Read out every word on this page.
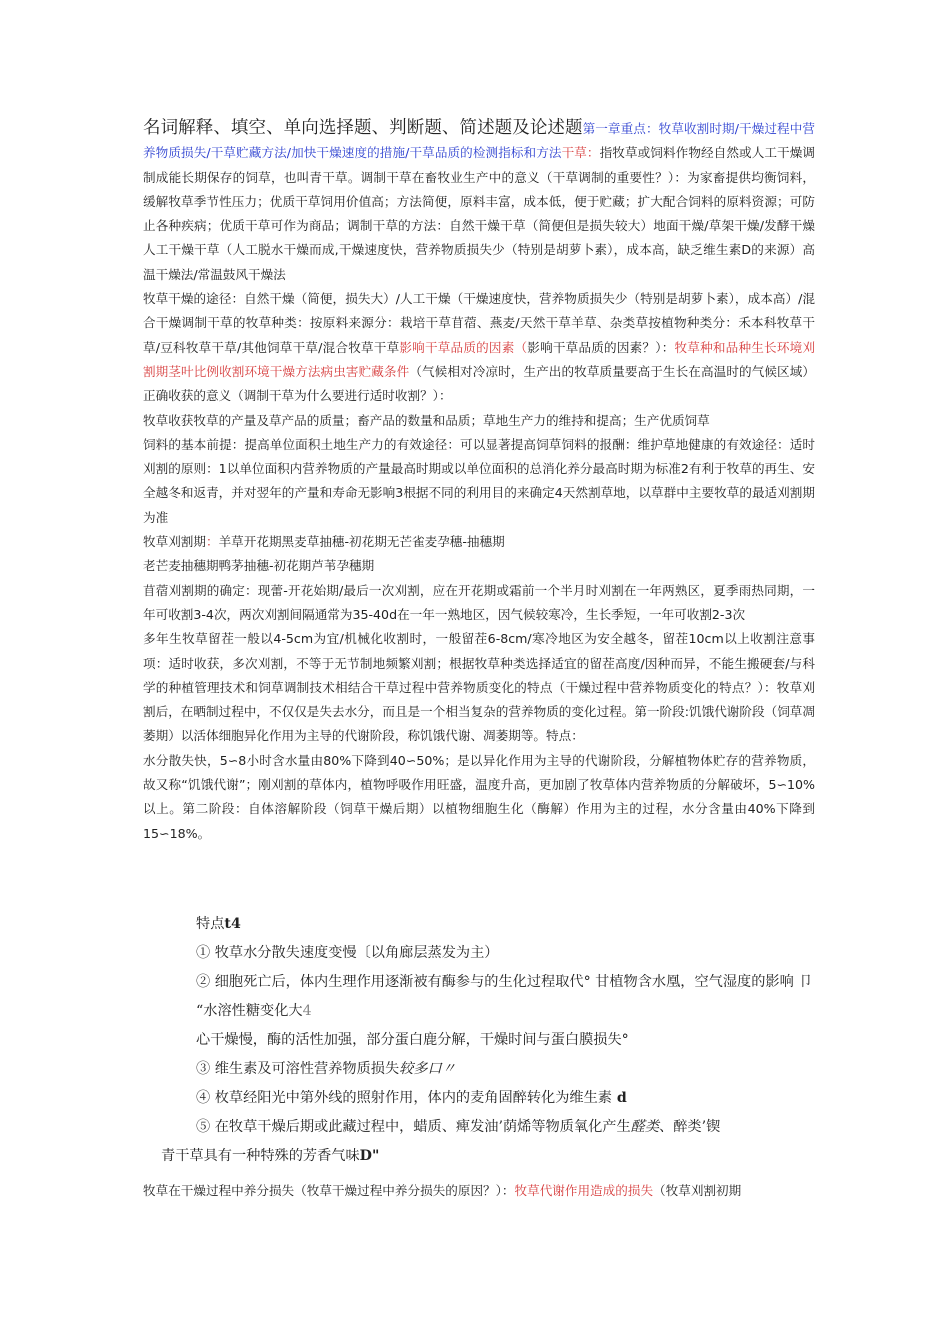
名词解释、填空、单向选择题、判断题、简述题及论述题第一章重点：牧草收割时期/干燥过程中营养物质损失/干草贮藏方法/加快干燥速度的措施/干草品质的检测指标和方法干草：指牧草或饲料作物经自然或人工干燥调制成能长期保存的饲草，也叫青干草。调制干草在畜牧业生产中的意义（干草调制的重要性？）：为家畜提供均衡饲料，缓解牧草季节性压力；优质干草饲用价值高；方法简便，原料丰富，成本低，便于贮藏；扩大配合饲料的原料资源；可防止各种疾病；优质干草可作为商品；调制干草的方法：自然干燥干草（简便但是损失较大）地面干燥/草架干燥/发酵干燥人工干燥干草（人工脱水干燥而成,干燥速度快，营养物质损失少（特别是胡萝卜素），成本高，缺乏维生素D的来源）高温干燥法/常温鼓风干燥法
牧草干燥的途径：自然干燥（简便，损失大）/人工干燥（干燥速度快，营养物质损失少（特别是胡萝卜素），成本高）/混合干燥调制干草的牧草种类：按原料来源分：栽培干草苜蓿、燕麦/天然干草羊草、杂类草按植物种类分：禾本科牧草干草/豆科牧草干草/其他饲草干草/混合牧草干草影响干草品质的因素（影响干草品质的因素？）：牧草种和品种生长环境刈割期茎叶比例收割环境干燥方法病虫害贮藏条件（气候相对冷凉时，生产出的牧草质量要高于生长在高温时的气候区域）正确收获的意义（调制干草为什么要进行适时收割？）：
牧草收获牧草的产量及草产品的质量；畜产品的数量和品质；草地生产力的维持和提高；生产优质饲草
饲料的基本前提：提高单位面积土地生产力的有效途径：可以显著提高饲草饲料的报酬：维护草地健康的有效途径：适时刈割的原则：1以单位面积内营养物质的产量最高时期或以单位面积的总消化养分最高时期为标准2有利于牧草的再生、安全越冬和返青，并对翌年的产量和寿命无影响3根据不同的利用目的来确定4天然割草地，以草群中主要牧草的最适刈割期为准
牧草刈割期：羊草开花期黑麦草抽穗-初花期无芒雀麦孕穗-抽穗期
老芒麦抽穗期鸭茅抽穗-初花期芦苇孕穗期
苜蓿刈割期的确定：现蕾-开花始期/最后一次刈割，应在开花期或霜前一个半月时刈割在一年两熟区，夏季雨热同期，一年可收割3-4次，两次刈割间隔通常为35-40d在一年一熟地区，因气候较寒冷，生长季短，一年可收割2-3次
多年生牧草留茬一般以4-5cm为宜/机械化收割时，一般留茬6-8cm/寒冷地区为安全越冬，留茬10cm以上收割注意事项：适时收获，多次刈割，不等于无节制地频繁刈割；根据牧草种类选择适宜的留茬高度/因种而异，不能生搬硬套/与科学的种植管理技术和饲草调制技术相结合干草过程中营养物质变化的特点（干燥过程中营养物质变化的特点？）：牧草刈割后，在晒制过程中，不仅仅是失去水分，而且是一个相当复杂的营养物质的变化过程。第一阶段:饥饿代谢阶段（饲草凋萎期）以活体细胞异化作用为主导的代谢阶段，称饥饿代谢、凋萎期等。特点：
水分散失快，5∽8小时含水量由80%下降到40∽50%；是以异化作用为主导的代谢阶段，分解植物体贮存的营养物质，故又称“饥饿代谢”；刚刈割的草体内，植物呼吸作用旺盛，温度升高，更加剧了牧草体内营养物质的分解破坏，5∽10%以上。第二阶段：自体溶解阶段（饲草干燥后期）以植物细胞生化（酶解）作用为主的过程，水分含量由40%下降到15∽18%。
特点t4
① 牧草水分散失速度变慢〔以角廊层蒸发为主）
② 细胞死亡后，体内生理作用逐渐被有酶参与的生化过程取代° 甘植物含水凰，空气湿度的影响 卩
“水溶性糖变化大4
心干燥慢，酶的活性加强，部分蛋白鹿分解，干燥时间与蛋白膜损失°
③ 维生素及可溶性营养物质损失较多口〃
④ 枚草经阳光中第外线的照射作用，体内的麦角固醉转化为维生素 d
⑤ 在牧草干燥后期或此藏过程中，蜡质、痺发油’荫烯等物质氧化产生醛类、醉类’锲
青干草具有一种特殊的芳香气味D"
牧草在干燥过程中养分损失（牧草干燥过程中养分损失的原因？）：牧草代谢作用造成的损失（牧草刈割初期
